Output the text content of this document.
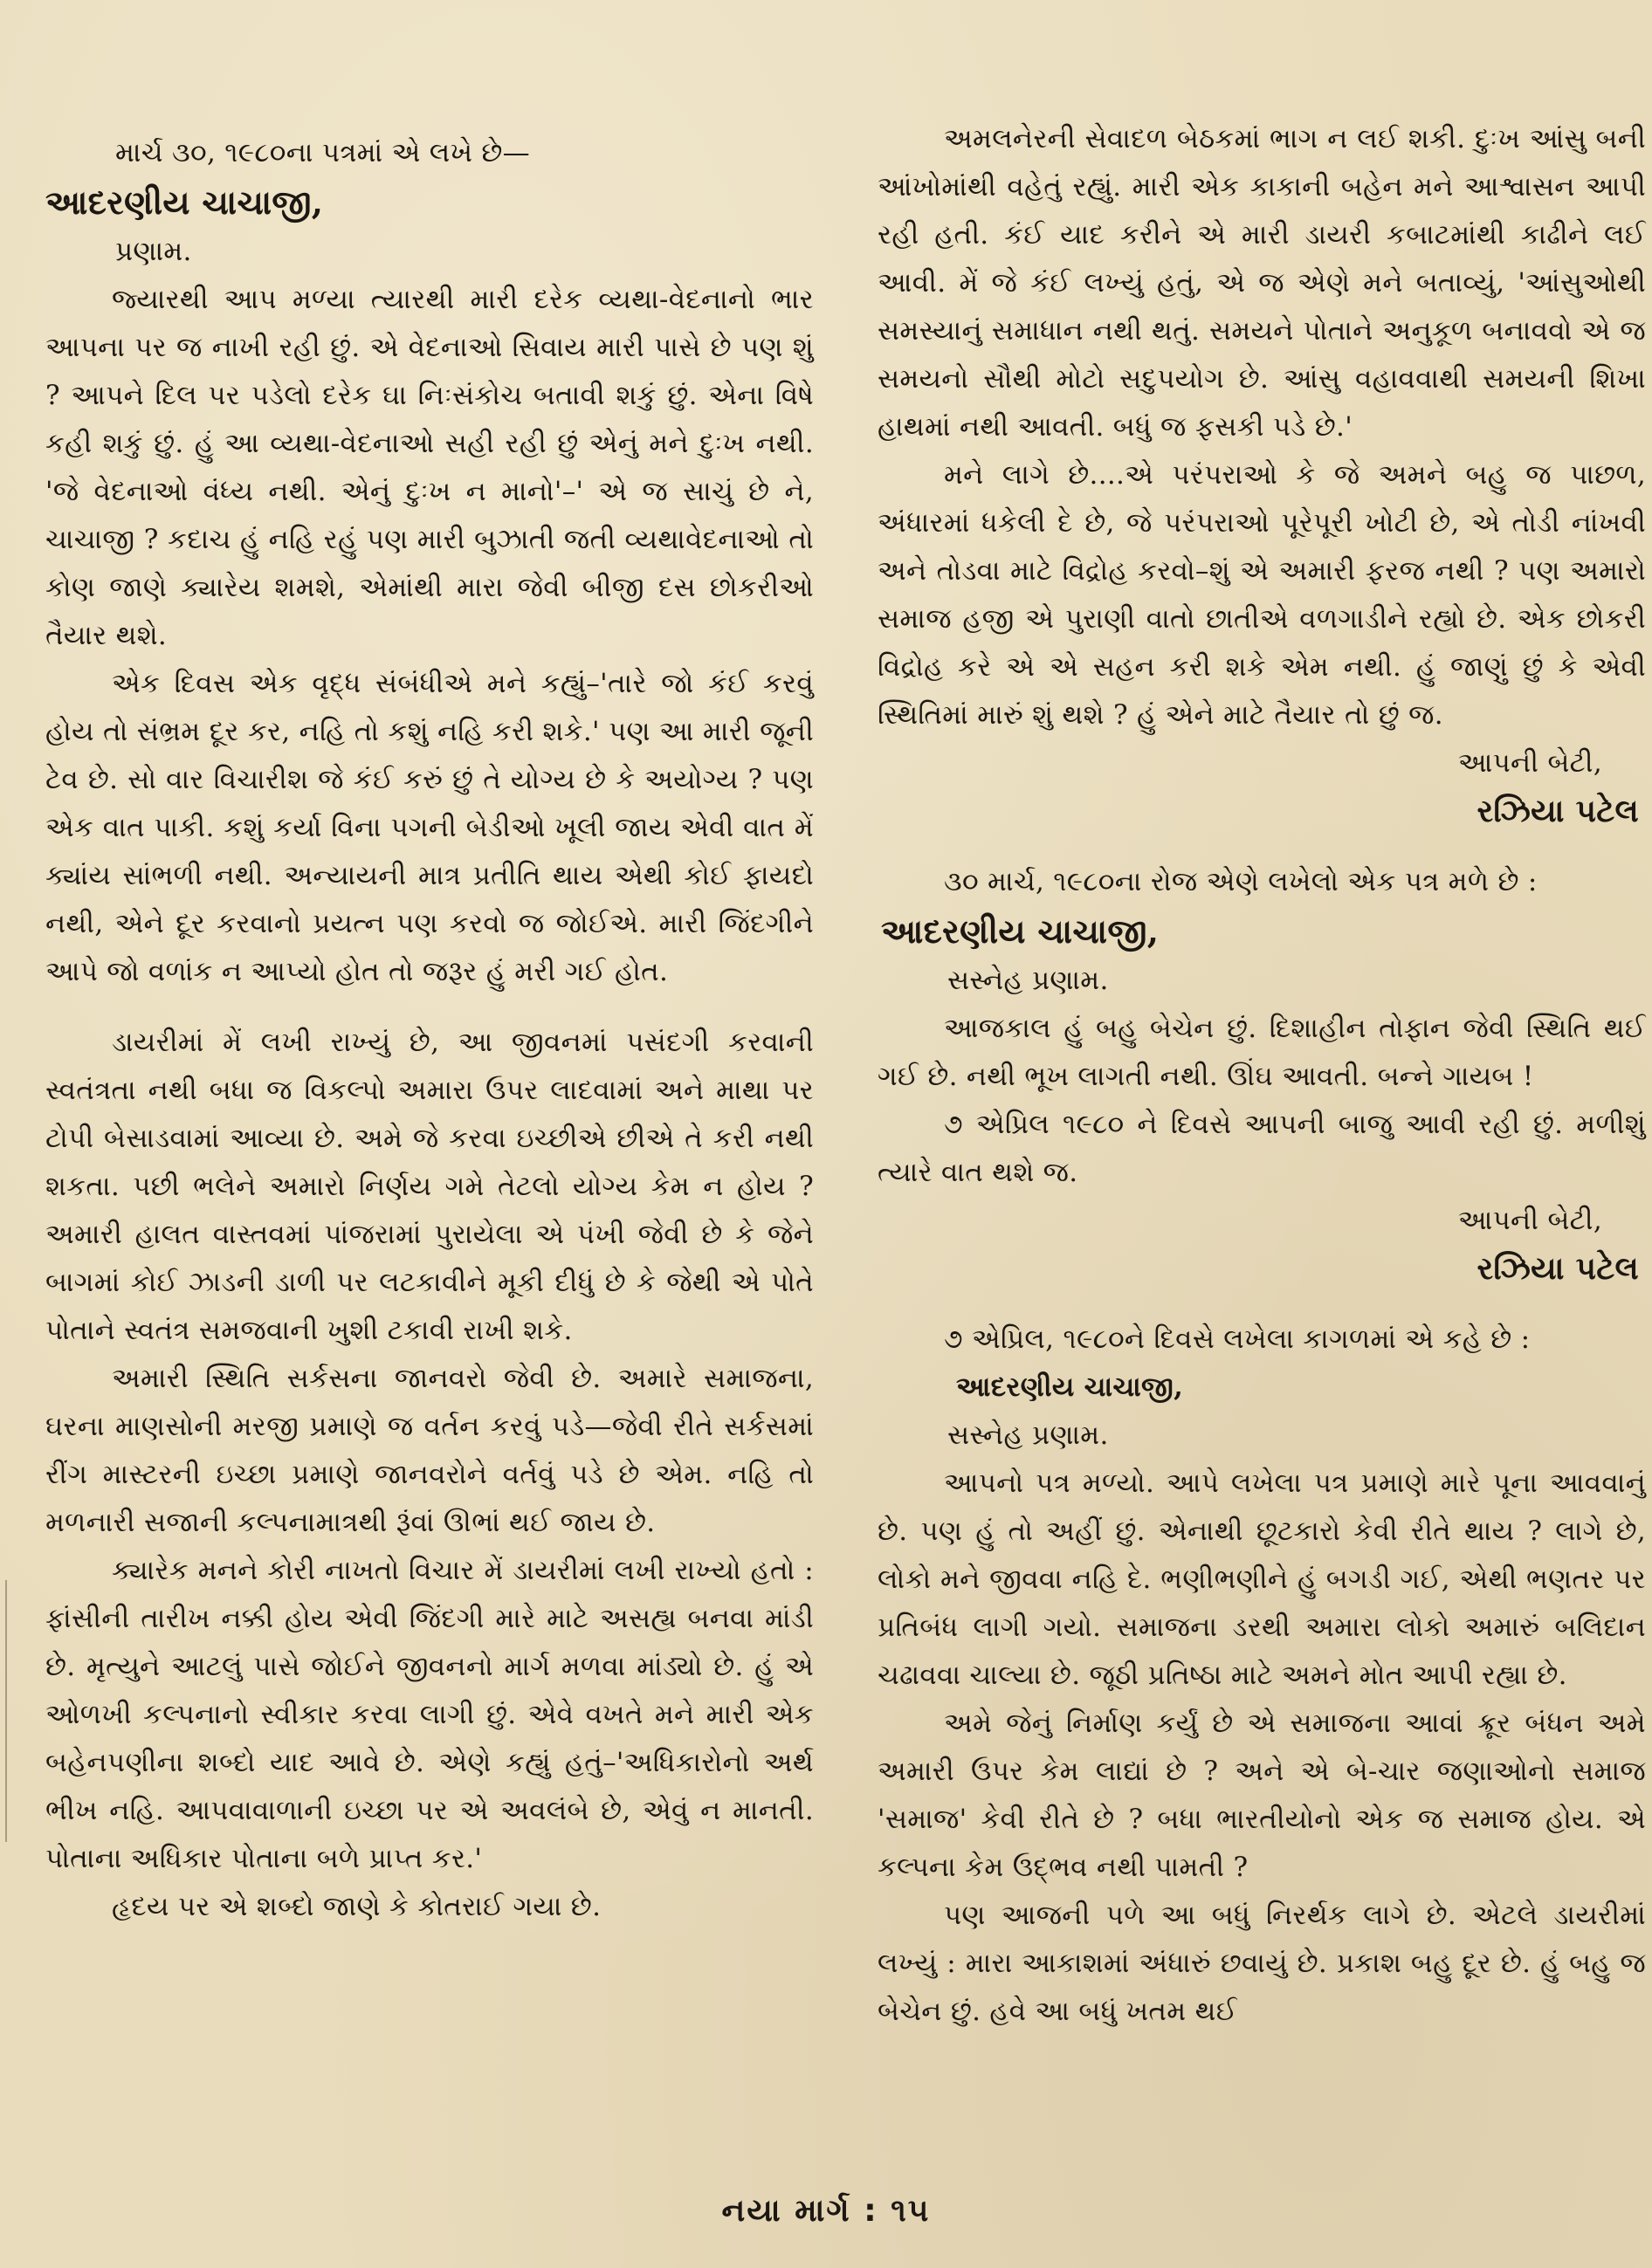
માર્ચ ૩૦, ૧૯૮૦ના પત્રમાં એ લખે છે—

આદરણીય ચાચાજી,

પ્રણામ.

જ્યારથી આપ મળ્યા ત્યારથી મારી દરેક વ્યથા-વેદનાનો ભાર આપના પર જ નાખી રહી છું. એ વેદનાઓ સિવાય મારી પાસે છે પણ શું ? આપને દિલ પર પડેલો દરેક ઘા નિઃસંકોચ બતાવી શકું છું. એના વિષે કહી શકું છું. હું આ વ્યથા-વેદનાઓ સહી રહી છું એનું મને દુઃખ નથી. 'જે વેદનાઓ વંધ્ય નથી. એનું દુઃખ ન માનો'–' એ જ સાચું છે ને, ચાચાજી ? કદાચ હું નહિ રહું પણ મારી બુઝાતી જતી વ્યથાવેદનાઓ તો કોણ જાણે ક્યારેય શમશે, એમાંથી મારા જેવી બીજી દસ છોકરીઓ તૈયાર થશે.

એક દિવસ એક વૃદ્ધ સંબંધીએ મને કહ્યું–'તારે જો કંઈ કરવું હોય તો સંભ્રમ દૂર કર, નહિ તો કશું નહિ કરી શકે.' પણ આ મારી જૂની ટેવ છે. સો વાર વિચારીશ જે કંઈ કરું છું તે યોગ્ય છે કે અયોગ્ય ? પણ એક વાત પાકી. કશું કર્યા વિના પગની બેડીઓ ખૂલી જાય એવી વાત મેં ક્યાંય સાંભળી નથી. અન્યાયની માત્ર પ્રતીતિ થાય એથી કોઈ ફાયદો નથી, એને દૂર કરવાનો પ્રયત્ન પણ કરવો જ જોઈએ. મારી જિંદગીને આપે જો વળાંક ન આપ્યો હોત તો જરૂર હું મરી ગઈ હોત.

ડાયરીમાં મેં લખી રાખ્યું છે, આ જીવનમાં પસંદગી કરવાની સ્વતંત્રતા નથી બધા જ વિકલ્પો અમારા ઉપર લાદવામાં અને માથા પર ટોપી બેસાડવામાં આવ્યા છે. અમે જે કરવા ઇચ્છીએ છીએ તે કરી નથી શકતા. પછી ભલેને અમારો નિર્ણય ગમે તેટલો યોગ્ય કેમ ન હોય ? અમારી હાલત વાસ્તવમાં પાંજરામાં પુરાયેલા એ પંખી જેવી છે કે જેને બાગમાં કોઈ ઝાડની ડાળી પર લટકાવીને મૂકી દીધું છે કે જેથી એ પોતે પોતાને સ્વતંત્ર સમજવાની ખુશી ટકાવી રાખી શકે.

અમારી સ્થિતિ સર્કસના જાનવરો જેવી છે. અમારે સમાજના, ઘરના માણસોની મરજી પ્રમાણે જ વર્તન કરવું પડે—જેવી રીતે સર્કસમાં રીંગ માસ્ટરની ઇચ્છા પ્રમાણે જાનવરોને વર્તવું પડે છે એમ. નહિ તો મળનારી સજાની કલ્પનામાત્રથી રૂંવાં ઊભાં થઈ જાય છે.

ક્યારેક મનને કોરી નાખતો વિચાર મેં ડાયરીમાં લખી રાખ્યો હતો : ફાંસીની તારીખ નક્કી હોય એવી જિંદગી મારે માટે અસહ્ય બનવા માંડી છે. મૃત્યુને આટલું પાસે જોઈને જીવનનો માર્ગ મળવા માંડ્યો છે. હું એ ઓળખી કલ્પનાનો સ્વીકાર કરવા લાગી છું. એવે વખતે મને મારી એક બહેનપણીના શબ્દો યાદ આવે છે. એણે કહ્યું હતું–'અધિકારોનો અર્થ ભીખ નહિ. આપવાવાળાની ઇચ્છા પર એ અવલંબે છે, એવું ન માનતી. પોતાના અધિકાર પોતાના બળે પ્રાપ્ત કર.'

હૃદય પર એ શબ્દો જાણે કે કોતરાઈ ગયા છે.

અમલનેરની સેવાદળ બેઠકમાં ભાગ ન લઈ શકી. દુઃખ આંસુ બની આંખોમાંથી વહેતું રહ્યું. મારી એક કાકાની બહેન મને આશ્વાસન આપી રહી હતી. કંઈ યાદ કરીને એ મારી ડાયરી કબાટમાંથી કાઢીને લઈ આવી. મેં જે કંઈ લખ્યું હતું, એ જ એણે મને બતાવ્યું, 'આંસુઓથી સમસ્યાનું સમાધાન નથી થતું. સમયને પોતાને અનુકૂળ બનાવવો એ જ સમયનો સૌથી મોટો સદુપયોગ છે. આંસુ વહાવવાથી સમયની શિખા હાથમાં નથી આવતી. બધું જ ફસકી પડે છે.'

મને લાગે છે....એ પરંપરાઓ કે જે અમને બહુ જ પાછળ, અંધારમાં ધકેલી દે છે, જે પરંપરાઓ પૂરેપૂરી ખોટી છે, એ તોડી નાંખવી અને તોડવા માટે વિદ્રોહ કરવો–શું એ અમારી ફરજ નથી ? પણ અમારો સમાજ હજી એ પુરાણી વાતો છાતીએ વળગાડીને રહ્યો છે. એક છોકરી વિદ્રોહ કરે એ એ સહન કરી શકે એમ નથી. હું જાણું છું કે એવી સ્થિતિમાં મારું શું થશે ? હું એને માટે તૈયાર તો છું જ.

આપની બેટી,

રઝિયા પટેલ

૩૦ માર્ચ, ૧૯૮૦ના રોજ એણે લખેલો એક પત્ર મળે છે :

આદરણીય ચાચાજી,

સસ્નેહ પ્રણામ.

આજકાલ હું બહુ બેચેન છું. દિશાહીન તોફાન જેવી સ્થિતિ થઈ ગઈ છે. નથી ભૂખ લાગતી નથી. ઊંઘ આવતી. બન્ને ગાયબ !

૭ એપ્રિલ ૧૯૮૦ ને દિવસે આપની બાજુ આવી રહી છું. મળીશું ત્યારે વાત થશે જ.

આપની બેટી,

રઝિયા પટેલ

૭ એપ્રિલ, ૧૯૮૦ને દિવસે લખેલા કાગળમાં એ કહે છે :

આદરણીય ચાચાજી,

સસ્નેહ પ્રણામ.

આપનો પત્ર મળ્યો. આપે લખેલા પત્ર પ્રમાણે મારે પૂના આવવાનું છે. પણ હું તો અહીં છું. એનાથી છૂટકારો કેવી રીતે થાય ? લાગે છે, લોકો મને જીવવા નહિ દે. ભણીભણીને હું બગડી ગઈ, એથી ભણતર પર પ્રતિબંધ લાગી ગયો. સમાજના ડરથી અમારા લોકો અમારું બલિદાન ચઢાવવા ચાલ્યા છે. જૂઠી પ્રતિષ્ઠા માટે અમને મોત આપી રહ્યા છે.

અમે જેનું નિર્માણ કર્યું છે એ સમાજના આવાં ક્રૂર બંધન અમે અમારી ઉપર કેમ લાદ્યાં છે ? અને એ બે-ચાર જણાઓનો સમાજ 'સમાજ' કેવી રીતે છે ? બધા ભારતીયોનો એક જ સમાજ હોય. એ કલ્પના કેમ ઉદ્ભવ નથી પામતી ?

પણ આજની પળે આ બધું નિરર્થક લાગે છે. એટલે ડાયરીમાં લખ્યું : મારા આકાશમાં અંધારું છવાયું છે. પ્રકાશ બહુ દૂર છે. હું બહુ જ બેચેન છું. હવે આ બધું ખતમ થઈ

નયા માર્ગ : ૧૫
